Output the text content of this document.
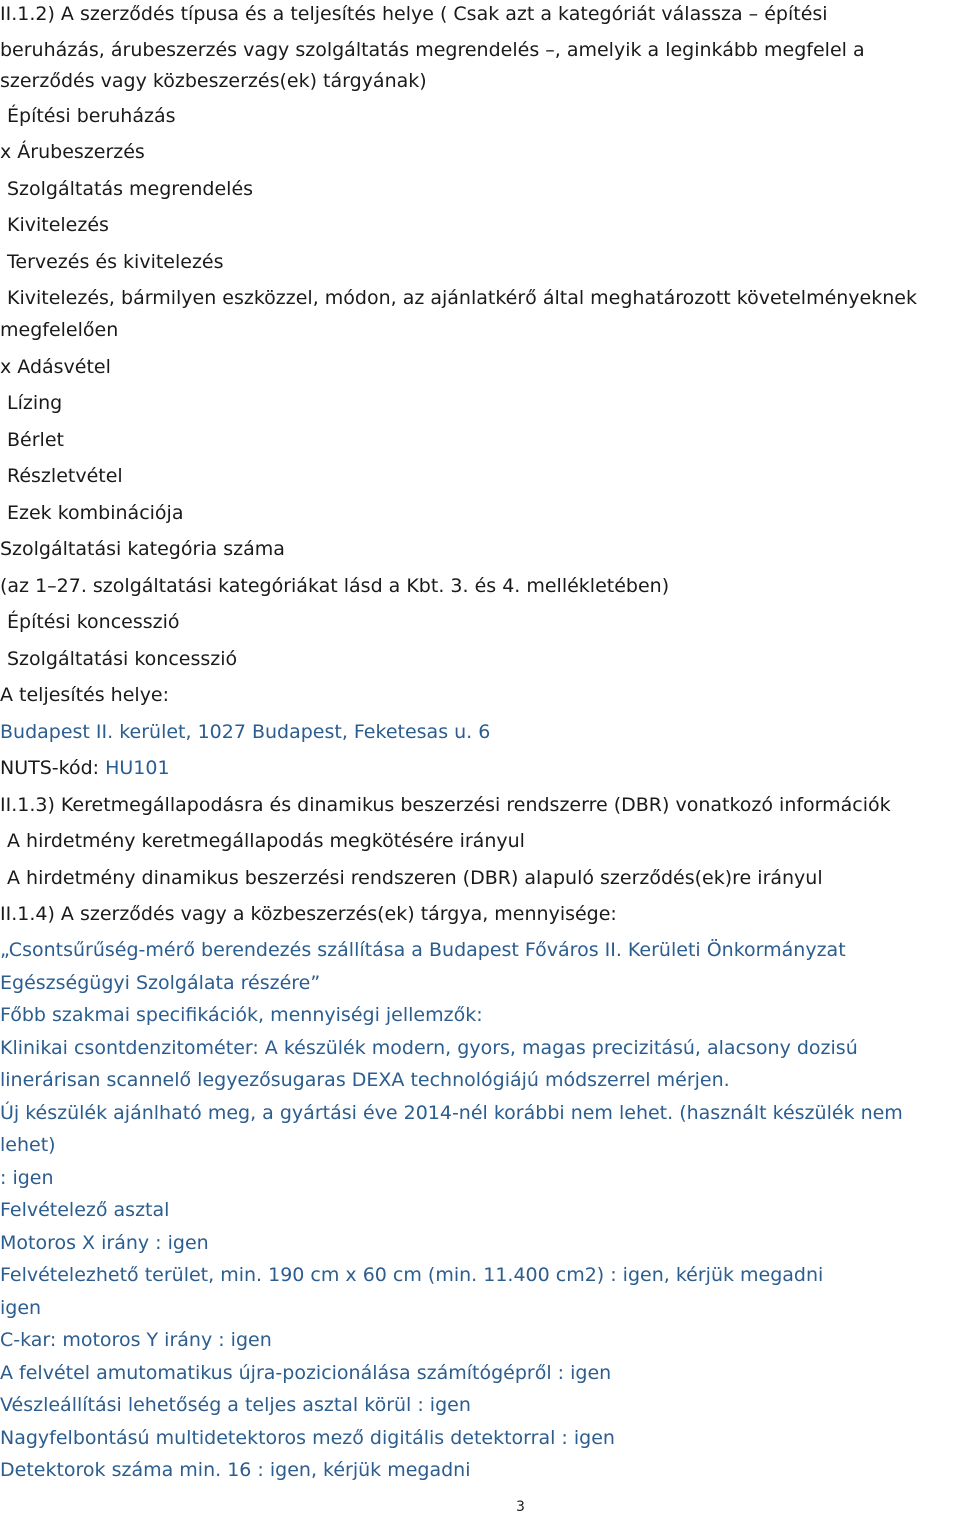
II.1.2) A szerződés típusa és a teljesítés helye ( Csak azt a kategóriát válassza – építési
beruházás, árubeszerzés vagy szolgáltatás megrendelés –, amelyik a leginkább megfelel a
szerződés vagy közbeszerzés(ek) tárgyának)
Építési beruházás
x Árubeszerzés
Szolgáltatás megrendelés
Kivitelezés
Tervezés és kivitelezés
Kivitelezés, bármilyen eszközzel, módon, az ajánlatkérő által meghatározott követelményeknek
megfelelően
x Adásvétel
Lízing
Bérlet
Részletvétel
Ezek kombinációja
Szolgáltatási kategória száma
(az 1–27. szolgáltatási kategóriákat lásd a Kbt. 3. és 4. mellékletében)
Építési koncesszió
Szolgáltatási koncesszió
A teljesítés helye:
Budapest II. kerület, 1027 Budapest, Feketesas u. 6
NUTS-kód: HU101
II.1.3) Keretmegállapodásra és dinamikus beszerzési rendszerre (DBR) vonatkozó információk
A hirdetmény keretmegállapodás megkötésére irányul
A hirdetmény dinamikus beszerzési rendszeren (DBR) alapuló szerződés(ek)re irányul
II.1.4) A szerződés vagy a közbeszerzés(ek) tárgya, mennyisége:
„Csontsűrűség-mérő berendezés szállítása a Budapest Főváros II. Kerületi Önkormányzat
Egészségügyi Szolgálata részére”
Főbb szakmai specifikációk, mennyiségi jellemzők:
Klinikai csontdenzitométer: A készülék modern, gyors, magas precizitású, alacsony dozisú
linerárisan scannelő legyezősugaras DEXA technológiájú módszerrel mérjen.
Új készülék ajánlható meg, a gyártási éve 2014-nél korábbi nem lehet. (használt készülék nem
lehet)
: igen
Felvételező asztal
Motoros X irány : igen
Felvételezhető terület, min. 190 cm x 60 cm (min. 11.400 cm2) : igen, kérjük megadni
igen
C-kar: motoros Y irány : igen
A felvétel amutomatikus újra-pozicionálása számítógépről : igen
Vészleállítási lehetőség a teljes asztal körül : igen
Nagyfelbontású multidetektoros mező digitális detektorral : igen
Detektorok száma min. 16 : igen, kérjük megadni
3
